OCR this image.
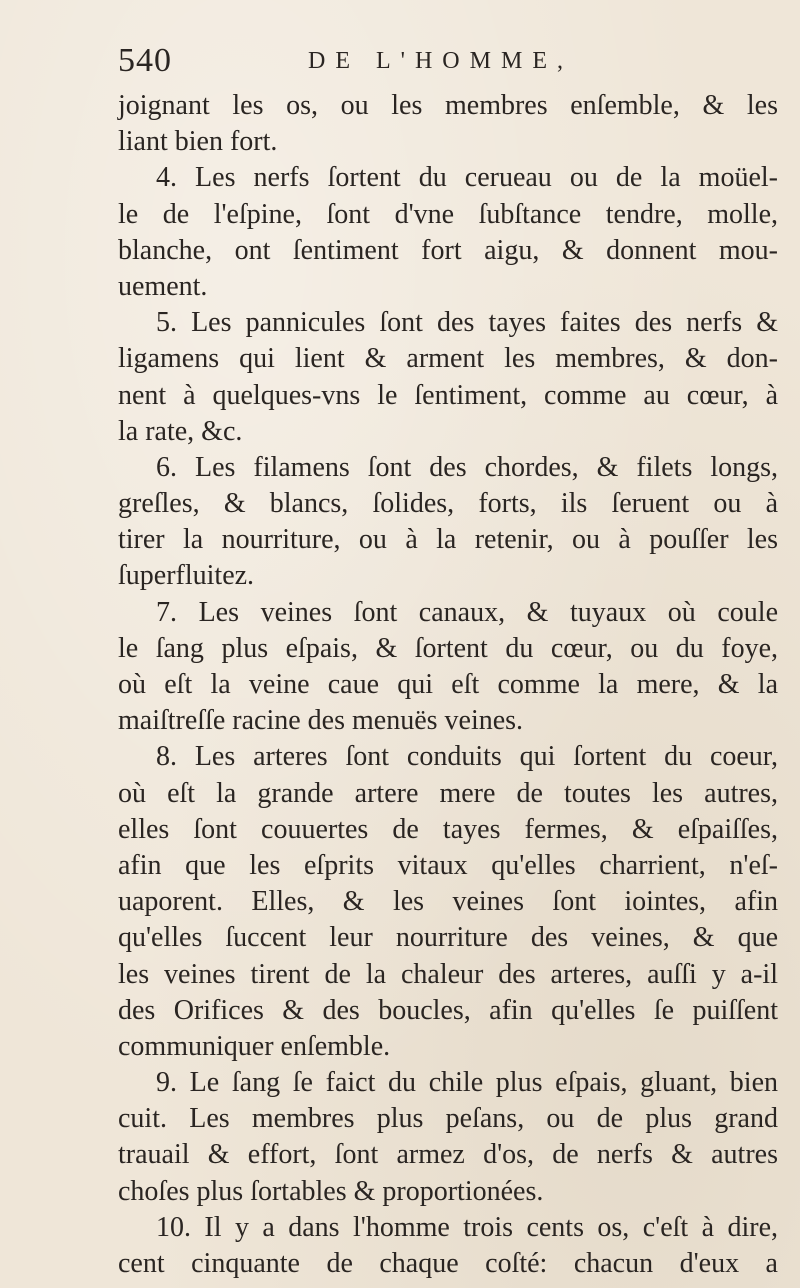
540	DE L'HOMME,
joignant les os, ou les membres enſemble, & les
liant bien fort.
4. Les nerfs ſortent du cerueau ou de la moüel-
le de l'eſpine, ſont d'vne ſubſtance tendre, molle,
blanche, ont ſentiment fort aigu, & donnent mou-
uement.
5. Les pannicules ſont des tayes faites des nerfs &
ligamens qui lient & arment les membres, & don-
nent à quelques-vns le ſentiment, comme au cœur, à
la rate, &c.
6. Les filamens ſont des chordes, & filets longs,
greſles, & blancs, ſolides, forts, ils ſeruent ou à
tirer la nourriture, ou à la retenir, ou à pouſſer les
ſuperfluitez.
7. Les veines ſont canaux, & tuyaux où coule
le ſang plus eſpais, & ſortent du cœur, ou du foye,
où eſt la veine caue qui eſt comme la mere, & la
maiſtreſſe racine des menuës veines.
8. Les arteres ſont conduits qui ſortent du coeur,
où eſt la grande artere mere de toutes les autres,
elles ſont couuertes de tayes fermes, & eſpaiſſes,
afin que les eſprits vitaux qu'elles charrient, n'eſ-
uaporent. Elles, & les veines ſont iointes, afin
qu'elles ſuccent leur nourriture des veines, & que
les veines tirent de la chaleur des arteres, auſſi y a-il
des Orifices & des boucles, afin qu'elles ſe puiſſent
communiquer enſemble.
9. Le ſang ſe faict du chile plus eſpais, gluant, bien
cuit. Les membres plus peſans, ou de plus grand
trauail & effort, ſont armez d'os, de nerfs & autres
choſes plus ſortables & proportionées.
10. Il y a dans l'homme trois cents os, c'eſt à dire,
cent cinquante de chaque coſté: chacun d'eux a
